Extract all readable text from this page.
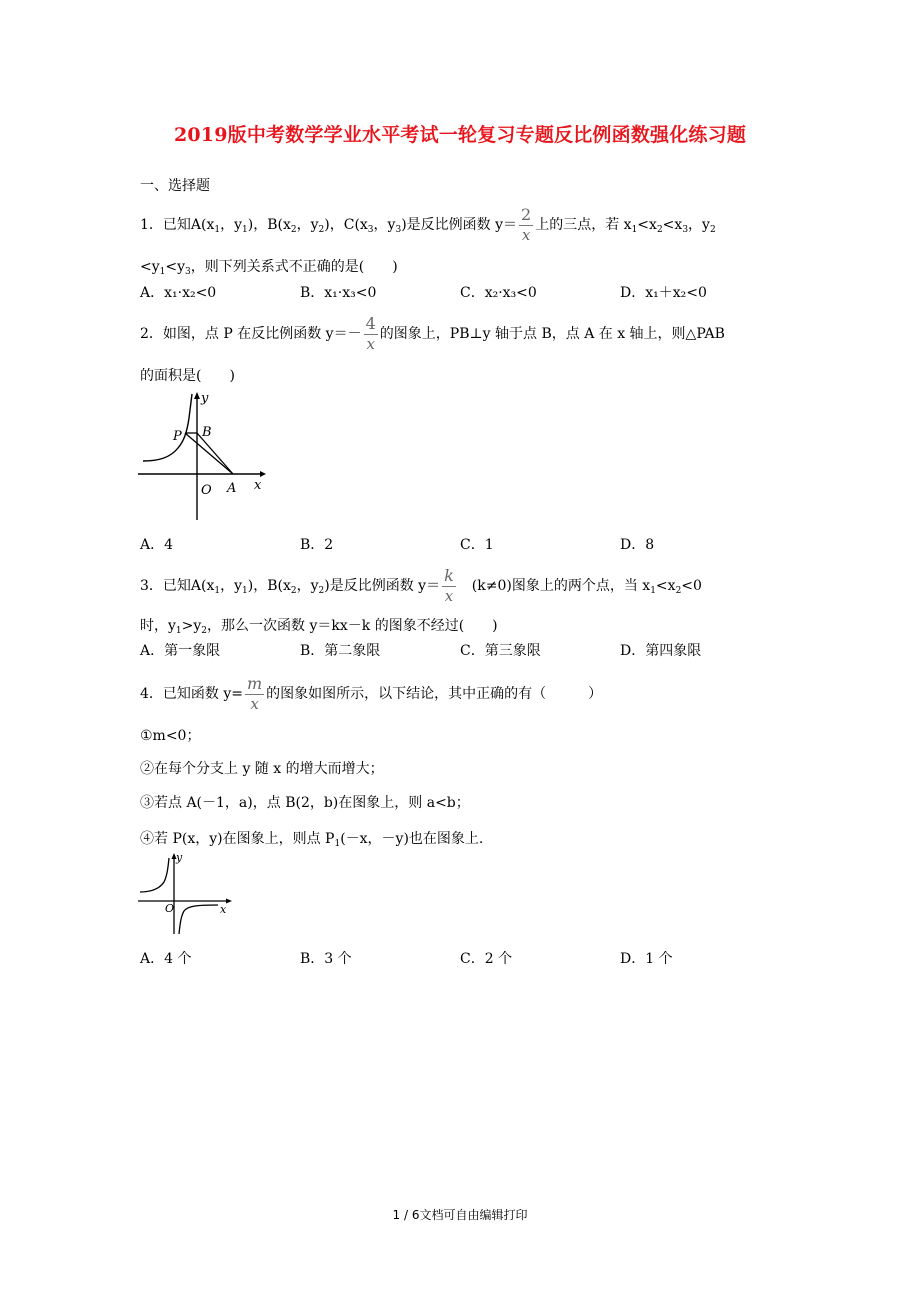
2019版中考数学学业水平考试一轮复习专题反比例函数强化练习题
一、选择题
1．已知$A(x_1$，$y_1$)，$B(x_2$，$y_2$)，$C(x_3$，$y_3$)是反比例函数 $y= \frac{2}{x}$ 上的三点，若 $x_1<x_2<x_3$，$y_2$
$<y_1<y_3$，则下列关系式不正确的是(　　)
A．x₁·x₂<0	B．x₁·x₃<0	C．x₂·x₃<0	D．x₁＋x₂<0
2．如图，点 P 在反比例函数 $y=- \frac{4}{x}$ 的图象上，PB⊥y 轴于点 B，点 A 在 x 轴上，则△PAB
的面积是(　　)
y
x
O A
B
P
A．4	B．2	C．1	D．8
3．已知$A(x_1$，$y_1$)，$B(x_2$，$y_2$)是反比例函数 $y= \frac{k}{x} (k\ne 0)$图象上的两个点，当 $x_1<x_2<0$
时，$y_1>y_2$，那么一次函数 y＝kx－k 的图象不经过(　　)
A．第一象限	B．第二象限	C．第三象限	D．第四象限
4．已知函数 $y= \frac{m}{x}$ 的图象如图所示，以下结论，其中正确的有（　　　）
①m<0；
②在每个分支上 y 随 x 的增大而增大；
③若点 A(－1，a)，点 B(2，b)在图象上，则 a<b；
④若 P(x，y)在图象上，则点 $P_1(-x$，－y)也在图象上.
y
x
O
A．4 个	B．3 个	C．2 个	D．1 个
1 / 6文档可自由编辑打印
